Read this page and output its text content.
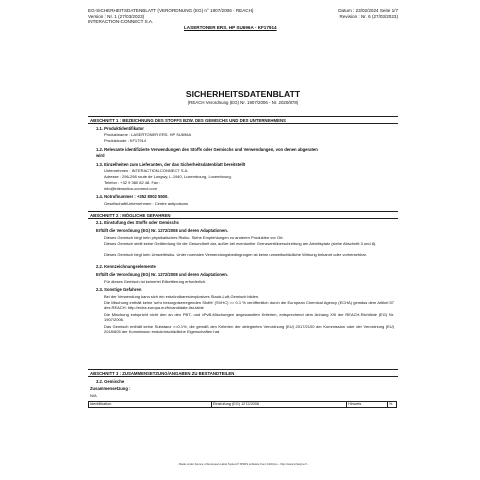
EG-SICHERHEITSDATENBLATT (VERORDNUNG (EG) n° 1907/2006 - REACH)
Version : Nr. 1 (27/03/2023)
INTERACTION-CONNECT S.A.
Datum : 23/02/2024 Seite 1/7
Revision : Nr. 6 (27/03/2023)
LASERTONER ERS. HP SU696A - KF17914
SICHERHEITSDATENBLATT
(REACH Verordnung (EG) Nr. 1907/2006 - Nr. 2020/878)
ABSCHNITT 1 : BEZEICHNUNG DES STOFFS BZW. DES GEMISCHS UND DES UNTERNEHMENS
1.1. Produktidentifikator
Produktname : LASERTONER ERS. HP SU696A
Produktcode : KF17914
1.2. Relevante identifizierte Verwendungen des Stoffs oder Gemischs und Verwendungen, von denen abgeraten
wird
1.3. Einzelheiten zum Lieferanten, der das Sicherheitsdatenblatt bereitstellt
Unternehmen : INTERACTION-CONNECT S.A.
Adresse : 296-298 route de Longwy, L-1940, Luxembourg, Luxembourg.
Telefon : +32 9 380 82 48. Fax : .
info@interaction-connect.com
1.4. Notrufnummer : +352 8002 5500.
Gesellschaft/Unternehmen : Centre antipoisons
ABSCHNITT 2 : MÖGLICHE GEFAHREN
2.1. Einstufung des Stoffs oder Gemischs
Erfüllt die Verordnung (EG) Nr. 1272/2008 und deren Adaptationen.
Dieses Gemisch birgt kein physikalisches Risiko. Siehe Empfehlungen zu anderen Produkten vor Ort.
Dieses Gemisch stellt keine Gefährdung für die Gesundheit dar, außer bei eventueller Grenzwertüberschreitung am Arbeitsplatz (siehe Abschnitt 3 und 8).
Dieses Gemisch birgt kein Umweltrisiko. Unter normalen Verwendungsbedingungen ist keine umweltschädliche Wirkung bekannt oder vorhersehbar.
2.2. Kennzeichnungselemente
Erfüllt die Verordnung (EG) Nr. 1272/2008 und deren Adaptationen.
Für dieses Gemisch ist keinerlei Etikettierung erforderlich.
2.3. Sonstige Gefahren
Bei der Verwendung kann sich ein entzündbares/explosives Staub-Luft-Gemisch bilden.
Die Mischung enthält keine 'sehr besorgniserregenden Stoffe' (SVHC) >= 0.1 % veröffentlich durch die European Chemical Agency (ECHA) gemäss dem Artikel 57 des REACH: http://echa.europa.eu/fr/candidate-list-table
Die Mischung entspricht nicht den an den PBT- und vPvB-Mischungen angewandten Kriterien, entsprechend dem Anhang XIII der REACH-Richtlinie (EG) Nr. 1907/2006.
Das Gemisch enthält keine Substanz >=0.1%, die gemäß den Kriterien der delegierten Verordnung (EU) 2017/2100 der Kommission oder der Verordnung (EU) 2018/605 der Kommission endokrinschädliche Eigenschaften hat.
ABSCHNITT 3 : ZUSAMMENSETZUNG/ANGABEN ZU BESTANDTEILEN
3.2. Gemische
Zusammensetzung :
N/A
Identifikation	Einstufung (EG) 1272/2008	Hinweis	%
- Made under licence of European Label System® MSDS software from InfoDyne - http://www.infodyne.fr -
